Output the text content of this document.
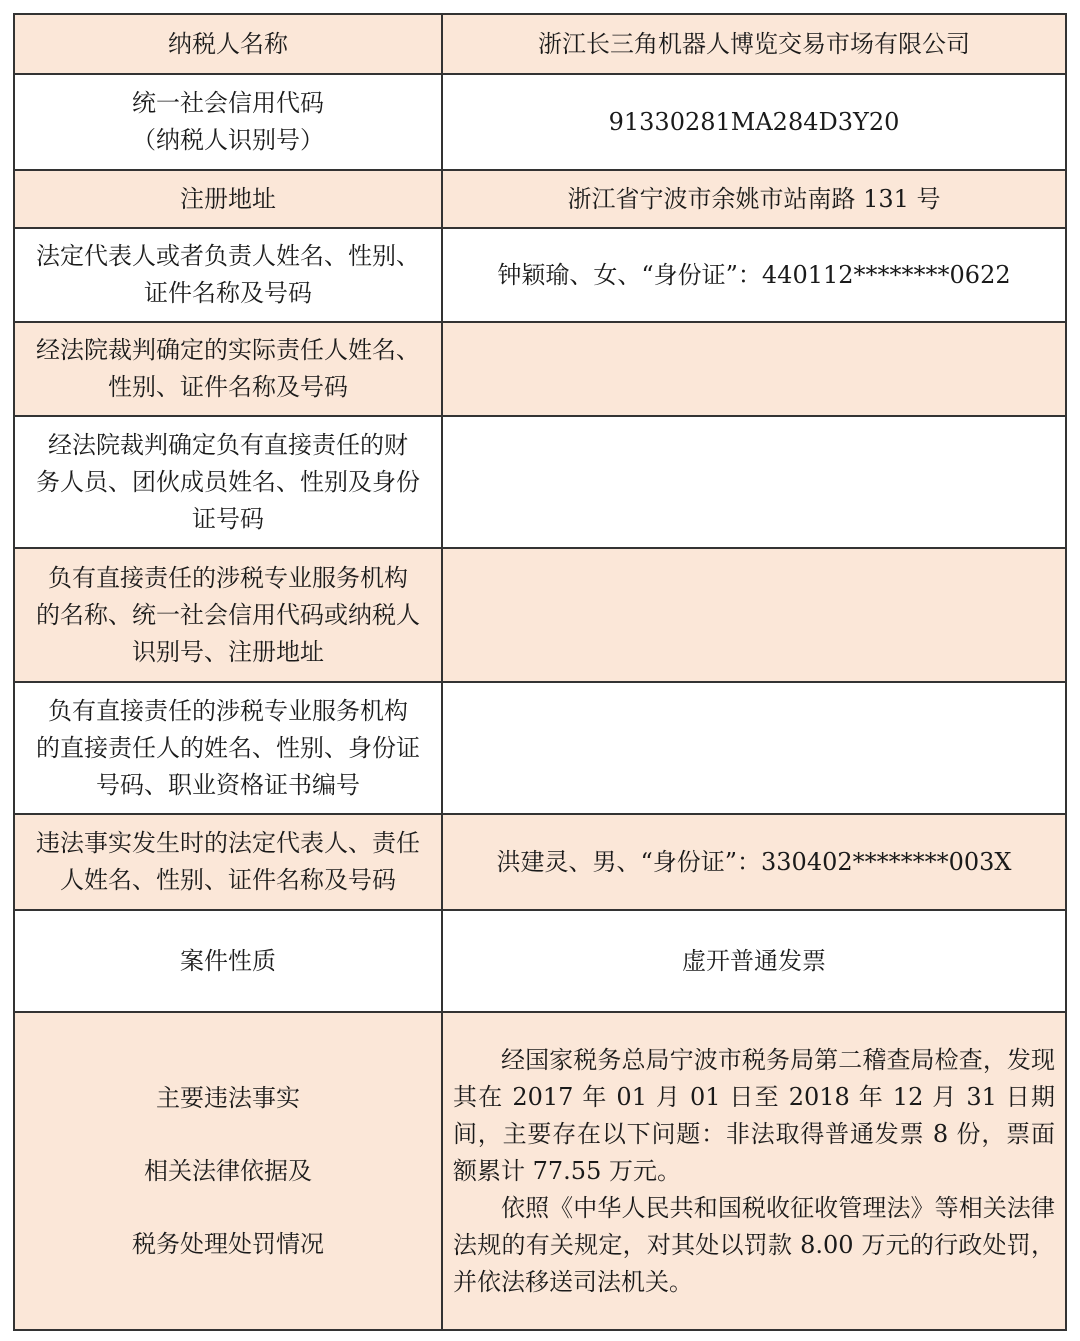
纳税人名称	浙江长三角机器人博览交易市场有限公司

统一社会信用代码
（纳税人识别号）	91330281MA284D3Y20

注册地址	浙江省宁波市余姚市站南路 131 号

法定代表人或者负责人姓名、性别、
证件名称及号码	钟颖瑜、女、“身份证”：440112********0622

经法院裁判确定的实际责任人姓名、
性别、证件名称及号码	

经法院裁判确定负有直接责任的财
务人员、团伙成员姓名、性别及身份
证号码	

负有直接责任的涉税专业服务机构
的名称、统一社会信用代码或纳税人
识别号、注册地址	

负有直接责任的涉税专业服务机构
的直接责任人的姓名、性别、身份证
号码、职业资格证书编号	

违法事实发生时的法定代表人、责任
人姓名、性别、证件名称及号码	洪建灵、男、“身份证”：330402********003X

案件性质	虚开普通发票

主要违法事实
相关法律依据及
税务处理处罚情况	经国家税务总局宁波市税务局第二稽查局检查，发现其在 2017 年 01 月 01 日至 2018 年 12 月 31 日期间，主要存在以下问题：非法取得普通发票 8 份，票面额累计 77.55 万元。
依照《中华人民共和国税收征收管理法》等相关法律法规的有关规定，对其处以罚款 8.00 万元的行政处罚，并依法移送司法机关。
